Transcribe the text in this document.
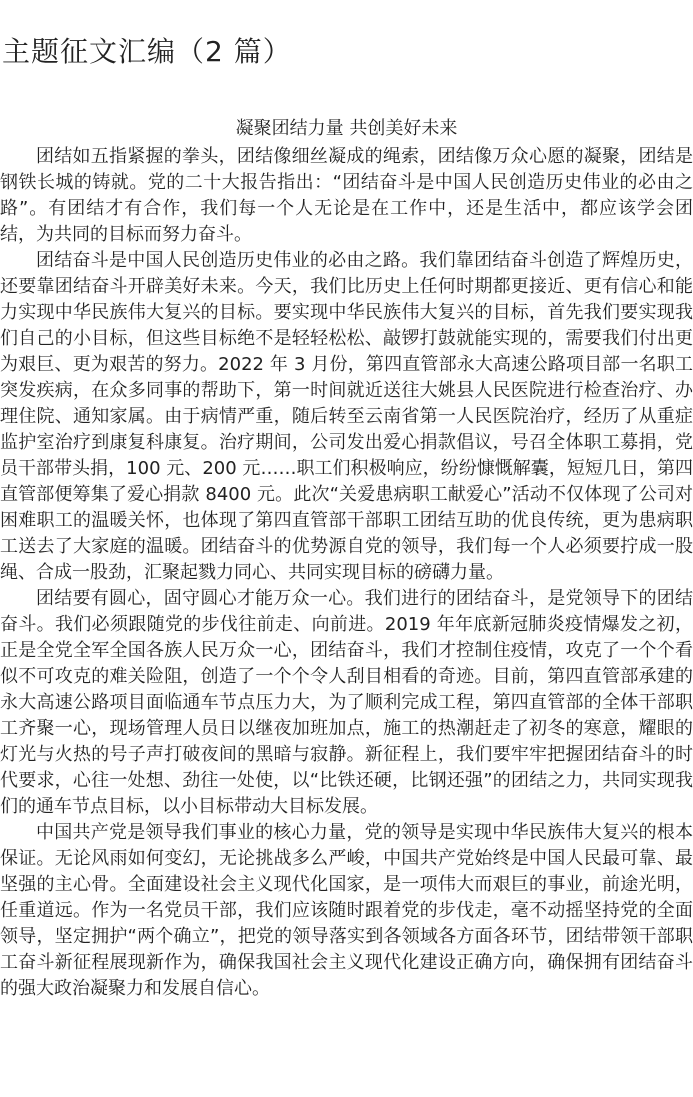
主题征文汇编（2 篇）
凝聚团结力量 共创美好未来

团结如五指紧握的拳头，团结像细丝凝成的绳索，团结像万众心愿的凝聚，团结是钢铁长城的铸就。党的二十大报告指出：“团结奋斗是中国人民创造历史伟业的必由之路”。有团结才有合作，我们每一个人无论是在工作中，还是生活中，都应该学会团结，为共同的目标而努力奋斗。

团结奋斗是中国人民创造历史伟业的必由之路。我们靠团结奋斗创造了辉煌历史，还要靠团结奋斗开辟美好未来。今天，我们比历史上任何时期都更接近、更有信心和能力实现中华民族伟大复兴的目标。要实现中华民族伟大复兴的目标，首先我们要实现我们自己的小目标，但这些目标绝不是轻轻松松、敲锣打鼓就能实现的，需要我们付出更为艰巨、更为艰苦的努力。2022 年 3 月份，第四直管部永大高速公路项目部一名职工突发疾病，在众多同事的帮助下，第一时间就近送往大姚县人民医院进行检查治疗、办理住院、通知家属。由于病情严重，随后转至云南省第一人民医院治疗，经历了从重症监护室治疗到康复科康复。治疗期间，公司发出爱心捐款倡议，号召全体职工募捐，党员干部带头捐，100 元、200 元……职工们积极响应，纷纷慷慨解囊，短短几日，第四直管部便筹集了爱心捐款 8400 元。此次“关爱患病职工献爱心”活动不仅体现了公司对困难职工的温暖关怀，也体现了第四直管部干部职工团结互助的优良传统，更为患病职工送去了大家庭的温暖。团结奋斗的优势源自党的领导，我们每一个人必须要拧成一股绳、合成一股劲，汇聚起戮力同心、共同实现目标的磅礴力量。

团结要有圆心，固守圆心才能万众一心。我们进行的团结奋斗，是党领导下的团结奋斗。我们必须跟随党的步伐往前走、向前进。2019 年年底新冠肺炎疫情爆发之初，正是全党全军全国各族人民万众一心，团结奋斗，我们才控制住疫情，攻克了一个个看似不可攻克的难关险阻，创造了一个个令人刮目相看的奇迹。目前，第四直管部承建的永大高速公路项目面临通车节点压力大，为了顺利完成工程，第四直管部的全体干部职工齐聚一心，现场管理人员日以继夜加班加点，施工的热潮赶走了初冬的寒意，耀眼的灯光与火热的号子声打破夜间的黑暗与寂静。新征程上，我们要牢牢把握团结奋斗的时代要求，心往一处想、劲往一处使，以“比铁还硬，比钢还强”的团结之力，共同实现我们的通车节点目标，以小目标带动大目标发展。

中国共产党是领导我们事业的核心力量，党的领导是实现中华民族伟大复兴的根本保证。无论风雨如何变幻，无论挑战多么严峻，中国共产党始终是中国人民最可靠、最坚强的主心骨。全面建设社会主义现代化国家，是一项伟大而艰巨的事业，前途光明，任重道远。作为一名党员干部，我们应该随时跟着党的步伐走，毫不动摇坚持党的全面领导，坚定拥护“两个确立”，把党的领导落实到各领域各方面各环节，团结带领干部职工奋斗新征程展现新作为，确保我国社会主义现代化建设正确方向，确保拥有团结奋斗的强大政治凝聚力和发展自信心。
